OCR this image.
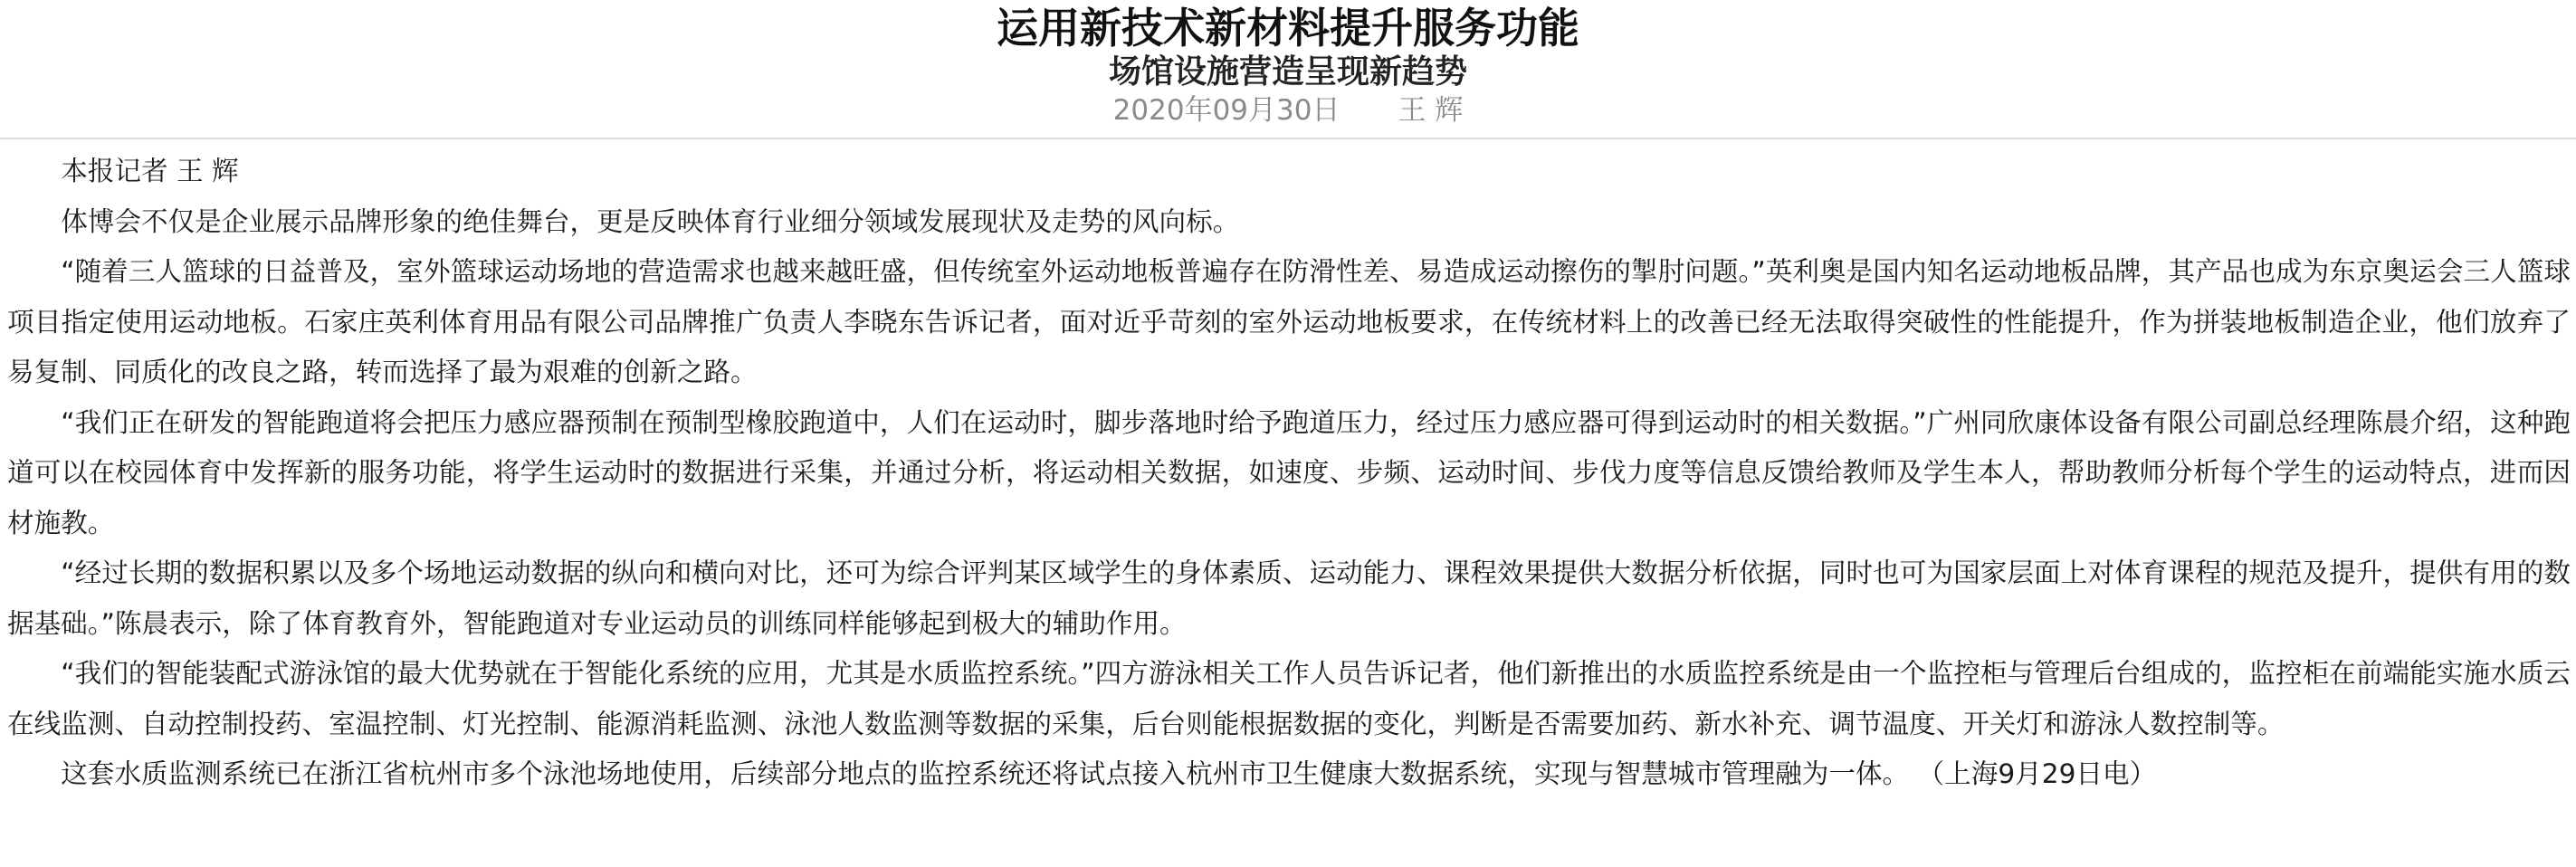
运用新技术新材料提升服务功能
场馆设施营造呈现新趋势
2020年09月30日 王 辉

本报记者 王 辉

体博会不仅是企业展示品牌形象的绝佳舞台，更是反映体育行业细分领域发展现状及走势的风向标。

“随着三人篮球的日益普及，室外篮球运动场地的营造需求也越来越旺盛，但传统室外运动地板普遍存在防滑性差、易造成运动擦伤的掣肘问题。”英利奥是国内知名运动地板品牌，其产品也成为东京奥运会三人篮球项目指定使用运动地板。石家庄英利体育用品有限公司品牌推广负责人李晓东告诉记者，面对近乎苛刻的室外运动地板要求，在传统材料上的改善已经无法取得突破性的性能提升，作为拼装地板制造企业，他们放弃了易复制、同质化的改良之路，转而选择了最为艰难的创新之路。

“我们正在研发的智能跑道将会把压力感应器预制在预制型橡胶跑道中，人们在运动时，脚步落地时给予跑道压力，经过压力感应器可得到运动时的相关数据。”广州同欣康体设备有限公司副总经理陈晨介绍，这种跑道可以在校园体育中发挥新的服务功能，将学生运动时的数据进行采集，并通过分析，将运动相关数据，如速度、步频、运动时间、步伐力度等信息反馈给教师及学生本人，帮助教师分析每个学生的运动特点，进而因材施教。

“经过长期的数据积累以及多个场地运动数据的纵向和横向对比，还可为综合评判某区域学生的身体素质、运动能力、课程效果提供大数据分析依据，同时也可为国家层面上对体育课程的规范及提升，提供有用的数据基础。”陈晨表示，除了体育教育外，智能跑道对专业运动员的训练同样能够起到极大的辅助作用。

“我们的智能装配式游泳馆的最大优势就在于智能化系统的应用，尤其是水质监控系统。”四方游泳相关工作人员告诉记者，他们新推出的水质监控系统是由一个监控柜与管理后台组成的，监控柜在前端能实施水质云在线监测、自动控制投药、室温控制、灯光控制、能源消耗监测、泳池人数监测等数据的采集，后台则能根据数据的变化，判断是否需要加药、新水补充、调节温度、开关灯和游泳人数控制等。

这套水质监测系统已在浙江省杭州市多个泳池场地使用，后续部分地点的监控系统还将试点接入杭州市卫生健康大数据系统，实现与智慧城市管理融为一体。 （上海9月29日电）
